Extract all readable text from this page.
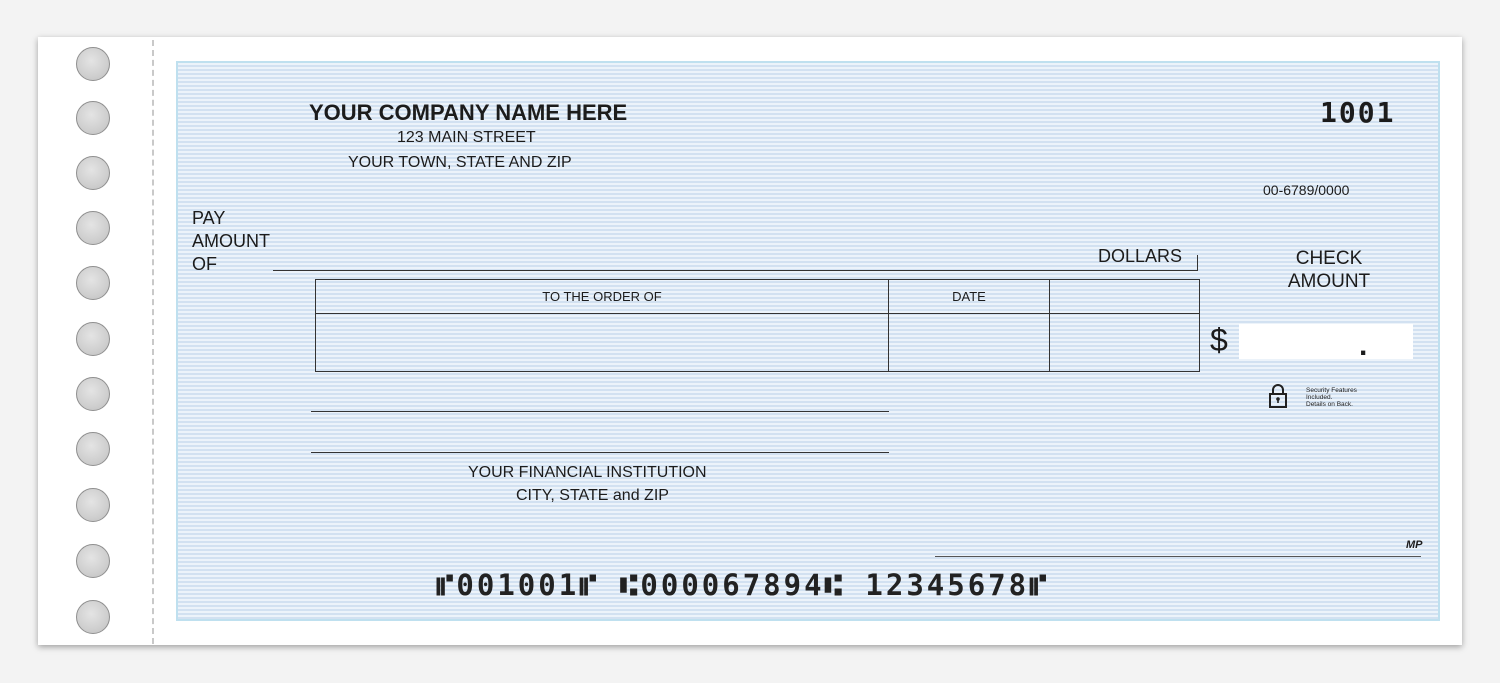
YOUR COMPANY NAME HERE
123 MAIN STREET
YOUR TOWN, STATE AND ZIP
1001
00-6789/0000
PAY
AMOUNT
OF	DOLLARS	CHECK
AMOUNT
TO THE ORDER OF	DATE	

$	.
Security Features
Included.
Details on Back.
YOUR FINANCIAL INSTITUTION
CITY, STATE and ZIP
MP
⑈001001⑈ ⑆000067894⑆ 12345678⑈
